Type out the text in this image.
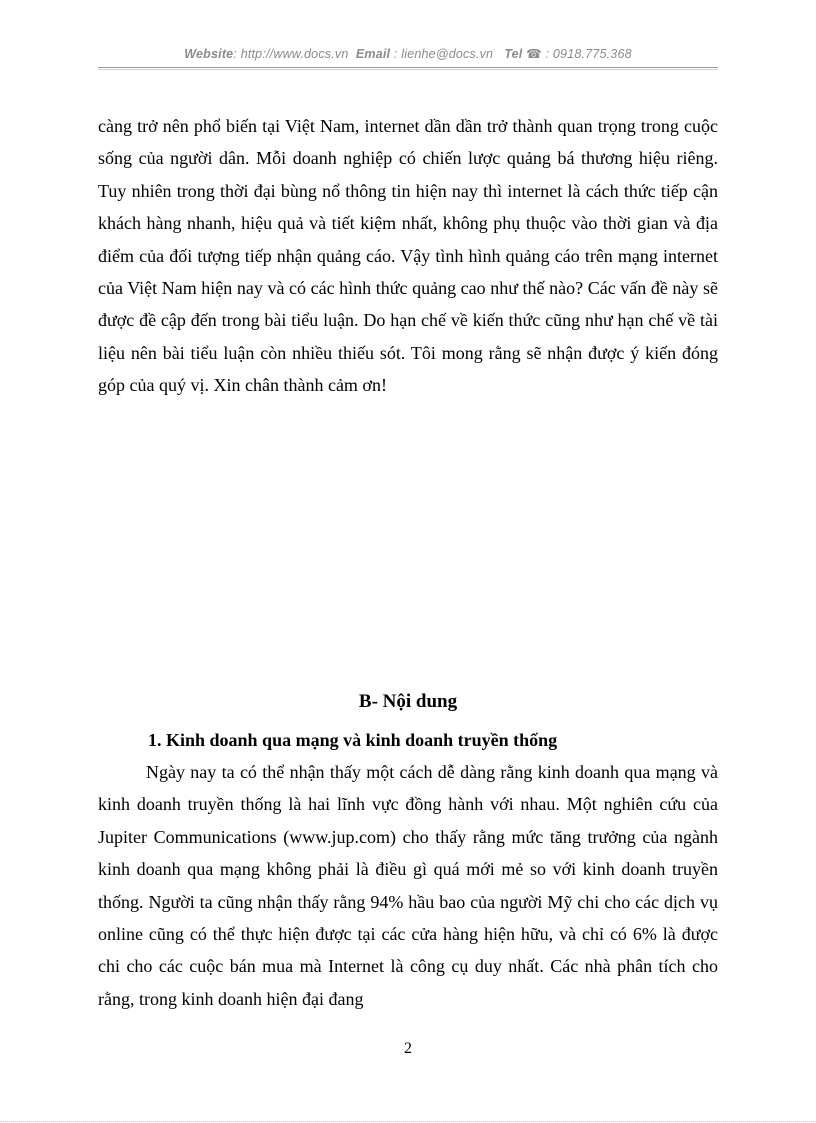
Website: http://www.docs.vn Email : lienhe@docs.vn Tel ☎ : 0918.775.368

càng trở nên phổ biến tại Việt Nam, internet dần dần trở thành quan trọng trong cuộc sống của người dân. Mỗi doanh nghiệp có chiến lược quảng bá thương hiệu riêng. Tuy nhiên trong thời đại bùng nổ thông tin hiện nay thì internet là cách thức tiếp cận khách hàng nhanh, hiệu quả và tiết kiệm nhất, không phụ thuộc vào thời gian và địa điểm của đối tượng tiếp nhận quảng cáo. Vậy tình hình quảng cáo trên mạng internet của Việt Nam hiện nay và có các hình thức quảng cao như thế nào? Các vấn đề này sẽ được đề cập đến trong bài tiểu luận. Do hạn chế về kiến thức cũng như hạn chế về tài liệu nên bài tiểu luận còn nhiều thiếu sót. Tôi mong rằng sẽ nhận được ý kiến đóng góp của quý vị. Xin chân thành cảm ơn!

B- Nội dung
1. Kinh doanh qua mạng và kinh doanh truyền thống

Ngày nay ta có thể nhận thấy một cách dễ dàng rằng kinh doanh qua mạng và kinh doanh truyền thống là hai lĩnh vực đồng hành với nhau. Một nghiên cứu của Jupiter Communications (www.jup.com) cho thấy rằng mức tăng trưởng của ngành kinh doanh qua mạng không phải là điều gì quá mới mẻ so với kinh doanh truyền thống. Người ta cũng nhận thấy rằng 94% hầu bao của người Mỹ chi cho các dịch vụ online cũng có thể thực hiện được tại các cửa hàng hiện hữu, và chỉ có 6% là được chi cho các cuộc bán mua mà Internet là công cụ duy nhất. Các nhà phân tích cho rằng, trong kinh doanh hiện đại đang

2
